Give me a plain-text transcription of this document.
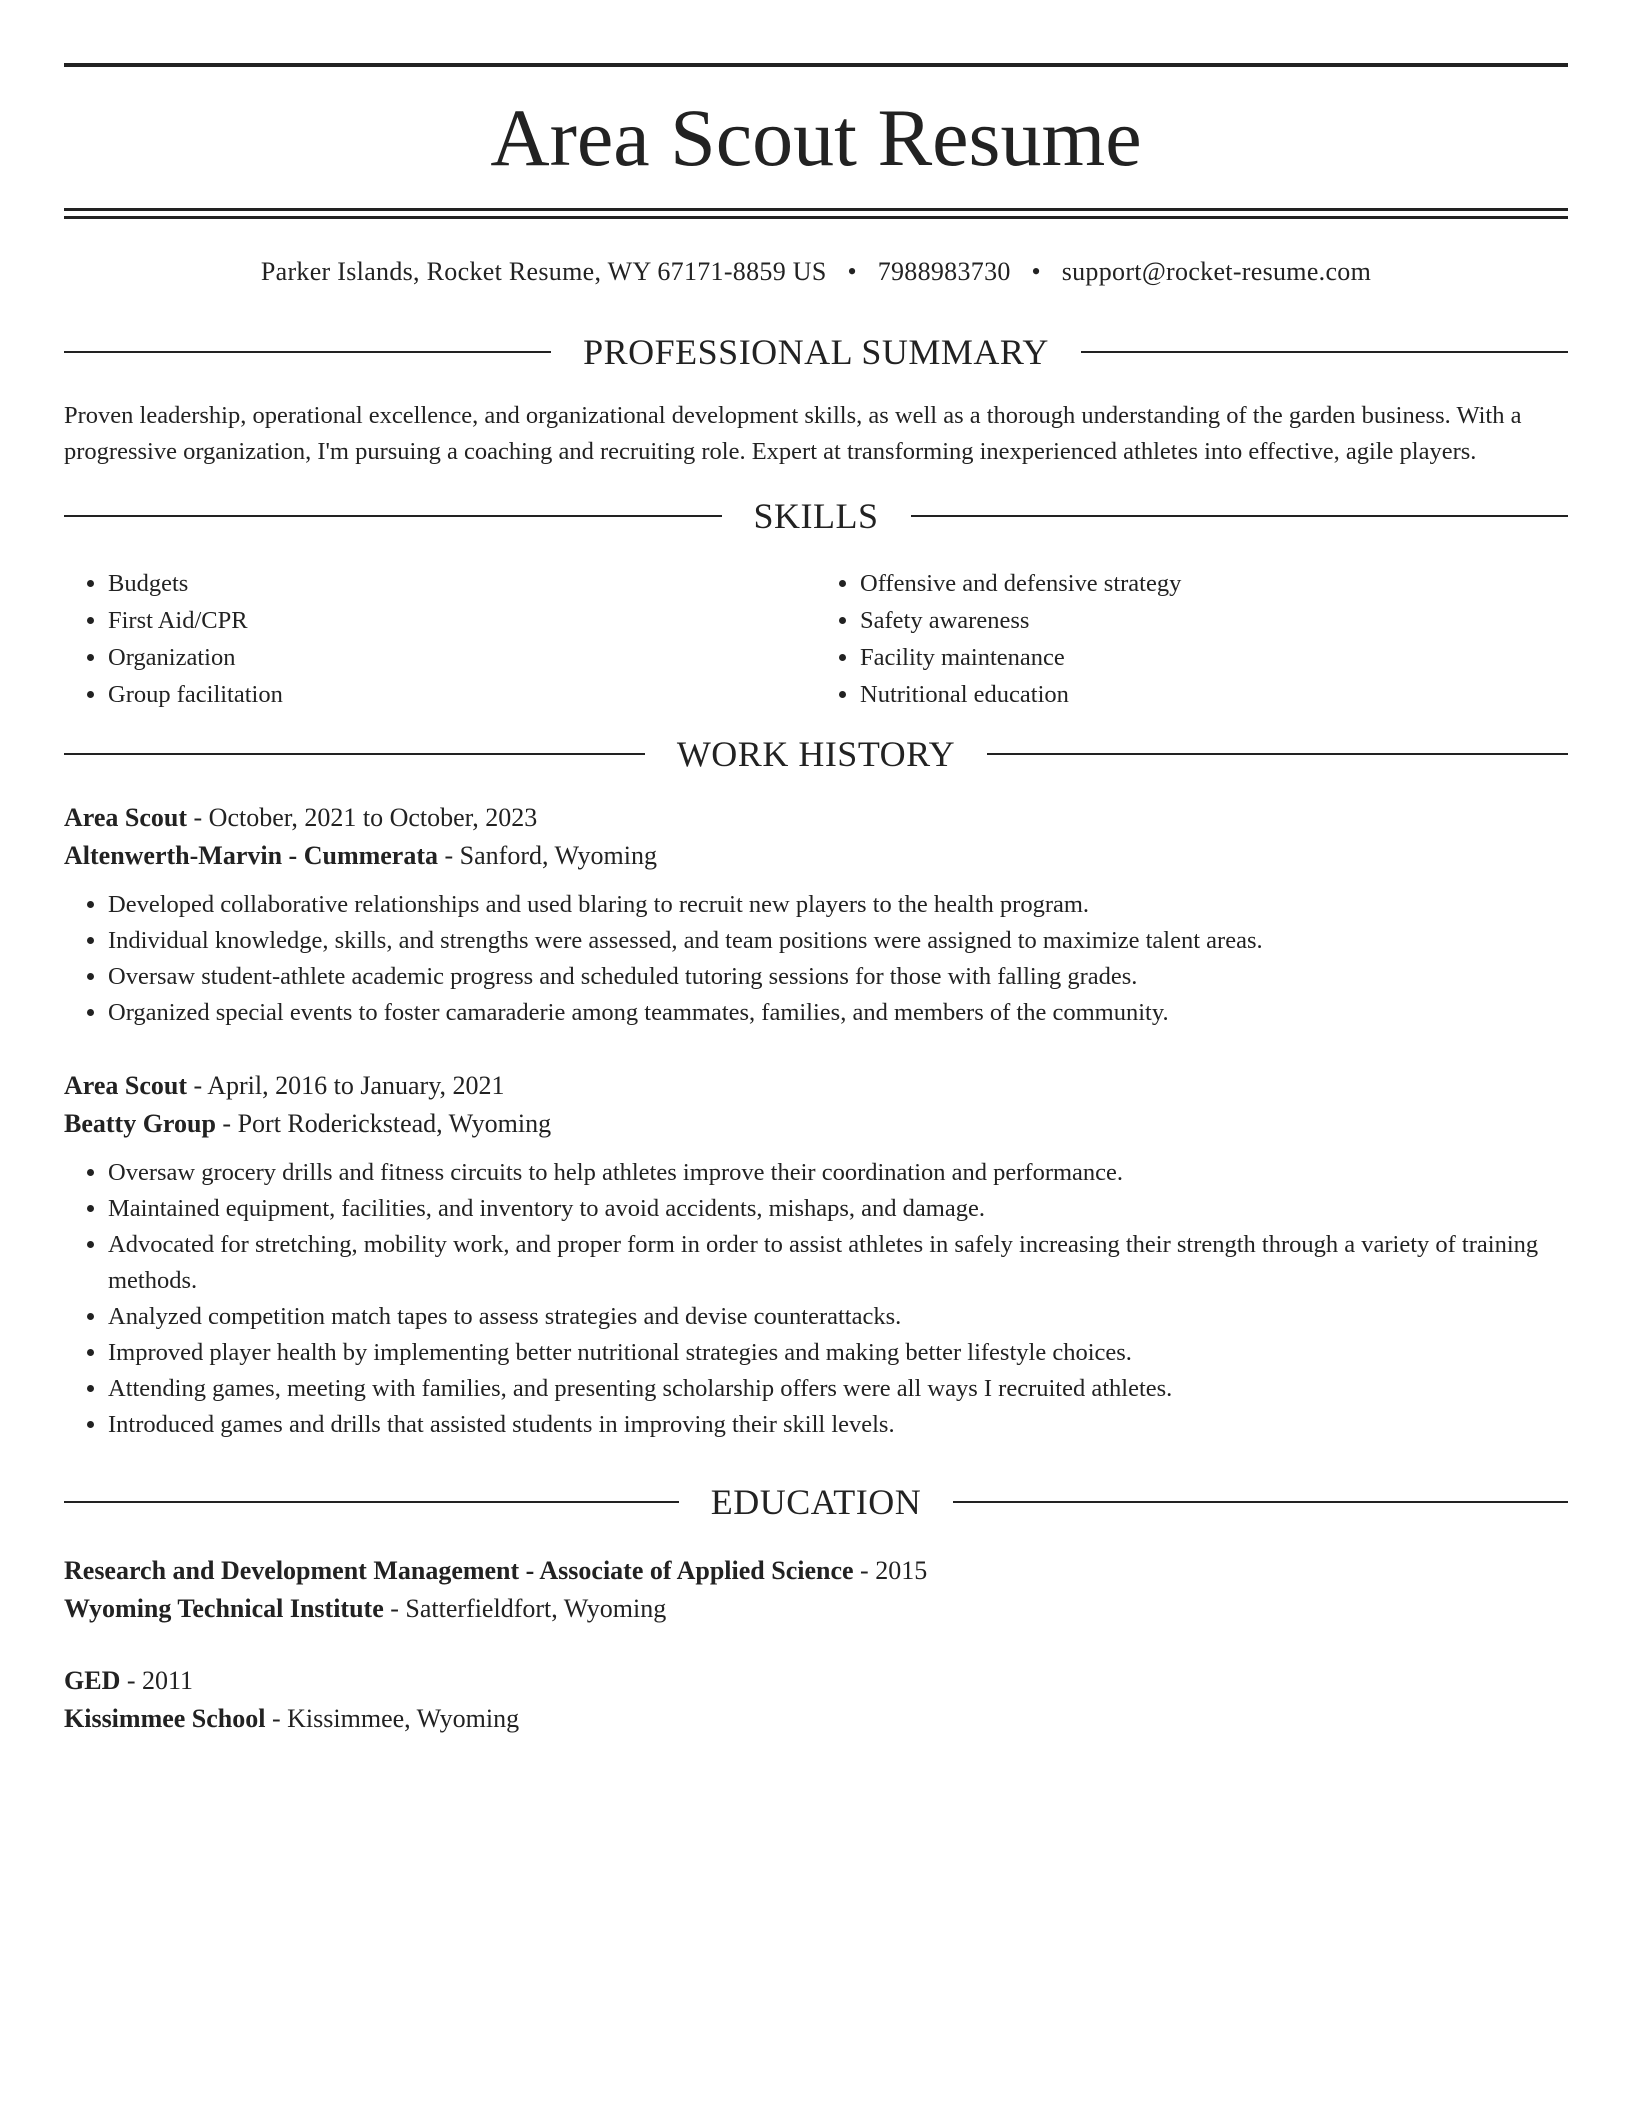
Area Scout Resume
Parker Islands, Rocket Resume, WY 67171-8859 US • 7988983730 • support@rocket-resume.com
PROFESSIONAL SUMMARY

Proven leadership, operational excellence, and organizational development skills, as well as a thorough understanding of the garden business. With a progressive organization, I'm pursuing a coaching and recruiting role. Expert at transforming inexperienced athletes into effective, agile players.

SKILLS
• Budgets
• First Aid/CPR
• Organization
• Group facilitation
• Offensive and defensive strategy
• Safety awareness
• Facility maintenance
• Nutritional education
WORK HISTORY

Area Scout - October, 2021 to October, 2023

Altenwerth-Marvin - Cummerata - Sanford, Wyoming

• Developed collaborative relationships and used blaring to recruit new players to the health program.
• Individual knowledge, skills, and strengths were assessed, and team positions were assigned to maximize talent areas.
• Oversaw student-athlete academic progress and scheduled tutoring sessions for those with falling grades.
• Organized special events to foster camaraderie among teammates, families, and members of the community.

Area Scout - April, 2016 to January, 2021

Beatty Group - Port Roderickstead, Wyoming

• Oversaw grocery drills and fitness circuits to help athletes improve their coordination and performance.
• Maintained equipment, facilities, and inventory to avoid accidents, mishaps, and damage.
• Advocated for stretching, mobility work, and proper form in order to assist athletes in safely increasing their strength through a variety of training methods.
• Analyzed competition match tapes to assess strategies and devise counterattacks.
• Improved player health by implementing better nutritional strategies and making better lifestyle choices.
• Attending games, meeting with families, and presenting scholarship offers were all ways I recruited athletes.
• Introduced games and drills that assisted students in improving their skill levels.
EDUCATION

Research and Development Management - Associate of Applied Science - 2015

Wyoming Technical Institute - Satterfieldfort, Wyoming

GED - 2011

Kissimmee School - Kissimmee, Wyoming
